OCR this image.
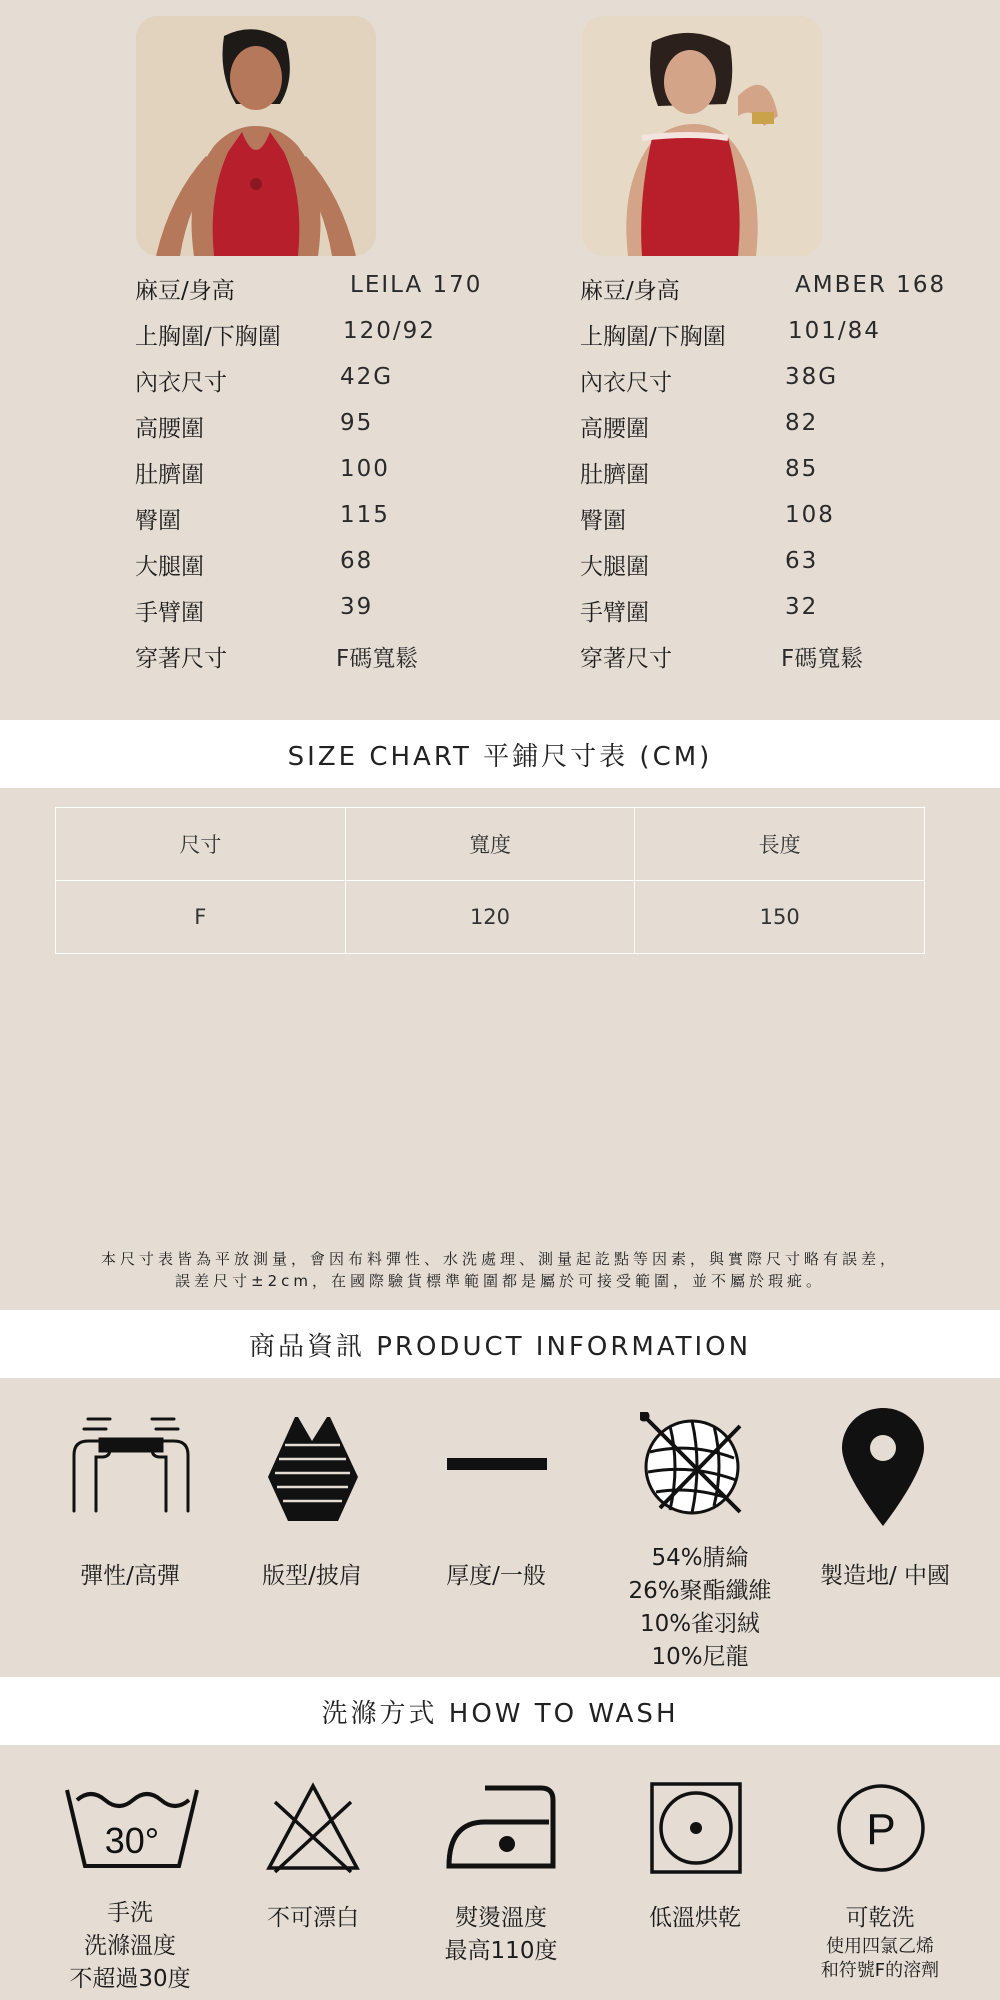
麻豆/身高	LEILA 170
上胸圍/下胸圍	120/92
內衣尺寸	42G
高腰圍	95
肚臍圍	100
臀圍	115
大腿圍	68
手臂圍	39
穿著尺寸	F碼寬鬆
麻豆/身高	AMBER 168
上胸圍/下胸圍	101/84
內衣尺寸	38G
高腰圍	82
肚臍圍	85
臀圍	108
大腿圍	63
手臂圍	32
穿著尺寸	F碼寬鬆
SIZE CHART 平鋪尺寸表 (CM)
尺寸	寬度	長度
F	120	150
本尺寸表皆為平放測量，會因布料彈性、水洗處理、測量起訖點等因素，與實際尺寸略有誤差，
誤差尺寸±2cm，在國際驗貨標準範圍都是屬於可接受範圍，並不屬於瑕疵。
商品資訊 PRODUCT INFORMATION
彈性/高彈	版型/披肩	厚度/一般
54%腈綸
26%聚酯纖維
10%雀羽絨
10%尼龍
製造地/ 中國
洗滌方式 HOW TO WASH
30°	P
手洗
洗滌溫度
不超過30度
不可漂白	熨燙溫度
最高110度
低溫烘乾	可乾洗
使用四氯乙烯
和符號F的溶劑
